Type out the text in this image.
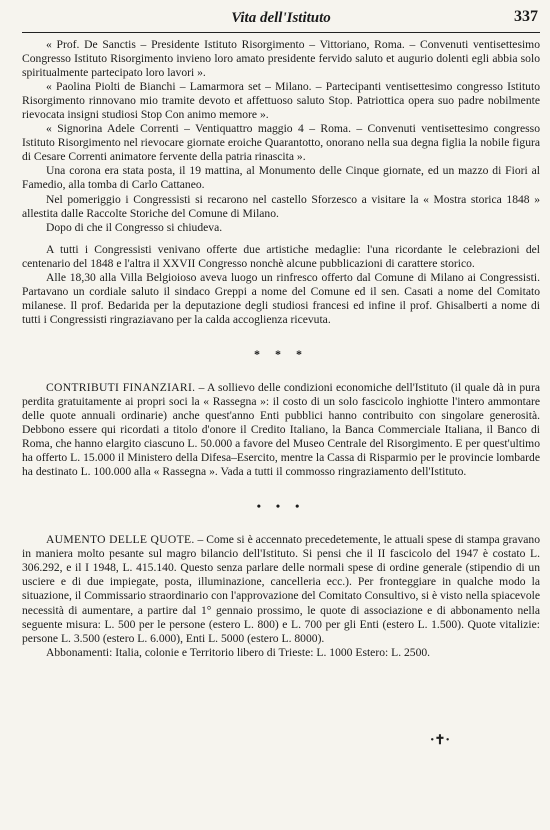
Vita dell'Istituto	337

« Prof. De Sanctis – Presidente Istituto Risorgimento – Vittoriano, Roma. – Convenuti ventisettesimo Congresso Istituto Risorgimento invieno loro amato presidente fervido saluto et augurio dolenti egli abbia solo spiritualmente partecipato loro lavori ».

« Paolina Piolti de Bianchi – Lamarmora set – Milano. – Partecipanti ventisettesimo congresso Istituto Risorgimento rinnovano mio tramite devoto et affettuoso saluto Stop. Patriottica opera suo padre nobilmente rievocata insigni studiosi Stop Con animo memore ».

« Signorina Adele Correnti – Ventiquattro maggio 4 – Roma. – Convenuti ventisettesimo congresso Istituto Risorgimento nel rievocare giornate eroiche Quarantotto, onorano nella sua degna figlia la nobile figura di Cesare Correnti animatore fervente della patria rinascita ».

Una corona era stata posta, il 19 mattina, al Monumento delle Cinque giornate, ed un mazzo di Fiori al Famedio, alla tomba di Carlo Cattaneo.

Nel pomeriggio i Congressisti si recarono nel castello Sforzesco a visitare la « Mostra storica 1848 » allestita dalle Raccolte Storiche del Comune di Milano.

Dopo di che il Congresso si chiudeva.

A tutti i Congressisti venivano offerte due artistiche medaglie: l'una ricordante le celebrazioni del centenario del 1848 e l'altra il XXVII Congresso nonchè alcune pubblicazioni di carattere storico.

Alle 18,30 alla Villa Belgioioso aveva luogo un rinfresco offerto dal Comune di Milano ai Congressisti. Partavano un cordiale saluto il sindaco Greppi a nome del Comune ed il sen. Casati a nome del Comitato milanese. Il prof. Bedarida per la deputazione degli studiosi francesi ed infine il prof. Ghisalberti a nome di tutti i Congressisti ringraziavano per la calda accoglienza ricevuta.

* * *

CONTRIBUTI FINANZIARI. – A sollievo delle condizioni economiche dell'Istituto (il quale dà in pura perdita gratuitamente ai propri soci la « Rassegna »: il costo di un solo fascicolo inghiotte l'intero ammontare delle quote annuali ordinarie) anche quest'anno Enti pubblici hanno contribuito con singolare generosità. Debbono essere qui ricordati a titolo d'onore il Credito Italiano, la Banca Commerciale Italiana, il Banco di Roma, che hanno elargito ciascuno L. 50.000 a favore del Museo Centrale del Risorgimento. E per quest'ultimo ha offerto L. 15.000 il Ministero della Difesa–Esercito, mentre la Cassa di Risparmio per le provincie lombarde ha destinato L. 100.000 alla « Rassegna ». Vada a tutti il commosso ringraziamento dell'Istituto.

• • •

AUMENTO DELLE QUOTE. – Come si è accennato precedetemente, le attuali spese di stampa gravano in maniera molto pesante sul magro bilancio dell'Istituto. Si pensi che il II fascicolo del 1947 è costato L. 306.292, e il I 1948, L. 415.140. Questo senza parlare delle normali spese di ordine generale (stipendio di un usciere e di due impiegate, posta, illuminazione, cancelleria ecc.). Per fronteggiare in qualche modo la situazione, il Commissario straordinario con l'approvazione del Comitato Consultivo, si è visto nella spiacevole necessità di aumentare, a partire dal 1° gennaio prossimo, le quote di associazione e di abbonamento nella seguente misura: L. 500 per le persone (estero L. 800) e L. 700 per gli Enti (estero L. 1.500). Quote vitalizie: persone L. 3.500 (estero L. 6.000), Enti L. 5000 (estero L. 8000).

Abbonamenti: Italia, colonie e Territorio libero di Trieste: L. 1000 Estero: L. 2500.

·✝·
